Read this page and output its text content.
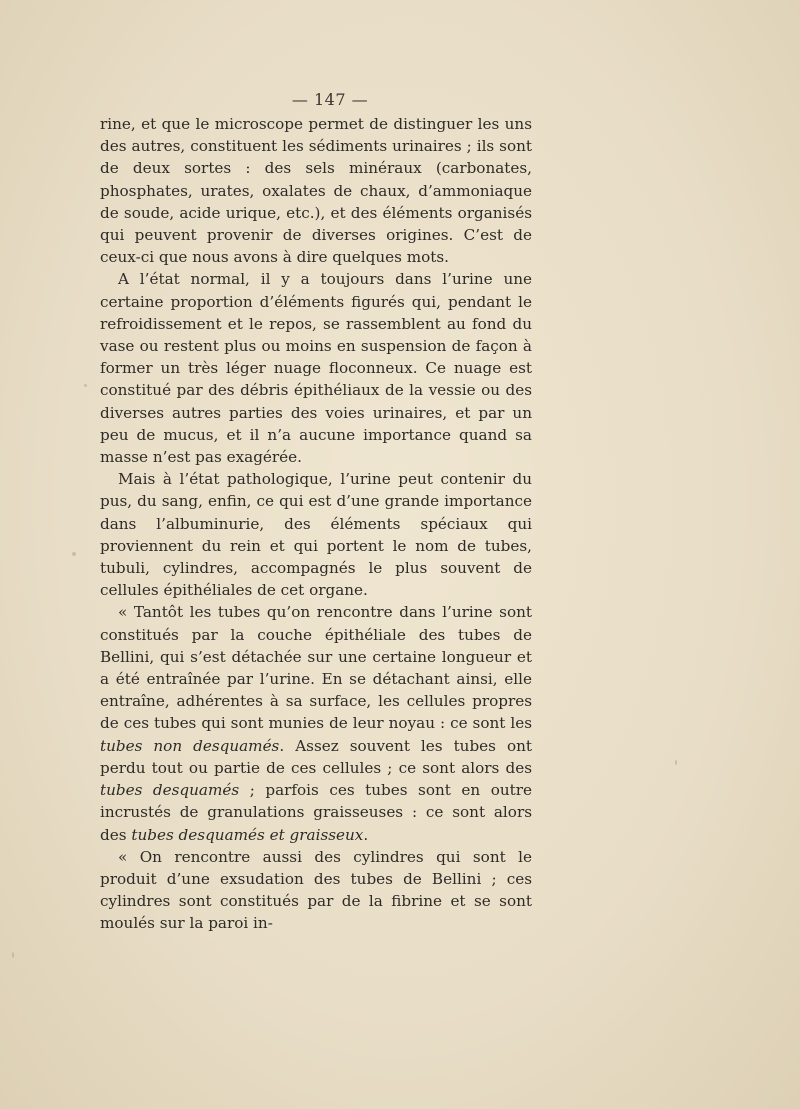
— 147 —

rine, et que le microscope permet de distinguer les uns des autres, constituent les sédiments urinaires ; ils sont de deux sortes : des sels minéraux (carbonates, phosphates, urates, oxalates de chaux, d’ammoniaque de soude, acide urique, etc.), et des éléments organisés qui peuvent provenir de diverses origines. C’est de ceux-ci que nous avons à dire quelques mots.

A l’état normal, il y a toujours dans l’urine une certaine proportion d’éléments figurés qui, pendant le refroidissement et le repos, se rassemblent au fond du vase ou restent plus ou moins en suspension de façon à former un très léger nuage floconneux. Ce nuage est constitué par des débris épithéliaux de la vessie ou des diverses autres parties des voies urinaires, et par un peu de mucus, et il n’a aucune importance quand sa masse n’est pas exagérée.

Mais à l’état pathologique, l’urine peut contenir du pus, du sang, enfin, ce qui est d’une grande importance dans l’albuminurie, des éléments spéciaux qui proviennent du rein et qui portent le nom de tubes, tubuli, cylindres, accompagnés le plus souvent de cellules épithéliales de cet organe.

« Tantôt les tubes qu’on rencontre dans l’urine sont constitués par la couche épithéliale des tubes de Bellini, qui s’est détachée sur une certaine longueur et a été entraînée par l’urine. En se détachant ainsi, elle entraîne, adhérentes à sa surface, les cellules propres de ces tubes qui sont munies de leur noyau : ce sont les tubes non desquamés. Assez souvent les tubes ont perdu tout ou partie de ces cellules ; ce sont alors des tubes desquamés ; parfois ces tubes sont en outre incrustés de granulations graisseuses : ce sont alors des tubes desquamés et graisseux.

« On rencontre aussi des cylindres qui sont le produit d’une exsudation des tubes de Bellini ; ces cylindres sont constitués par de la fibrine et se sont moulés sur la paroi in-
